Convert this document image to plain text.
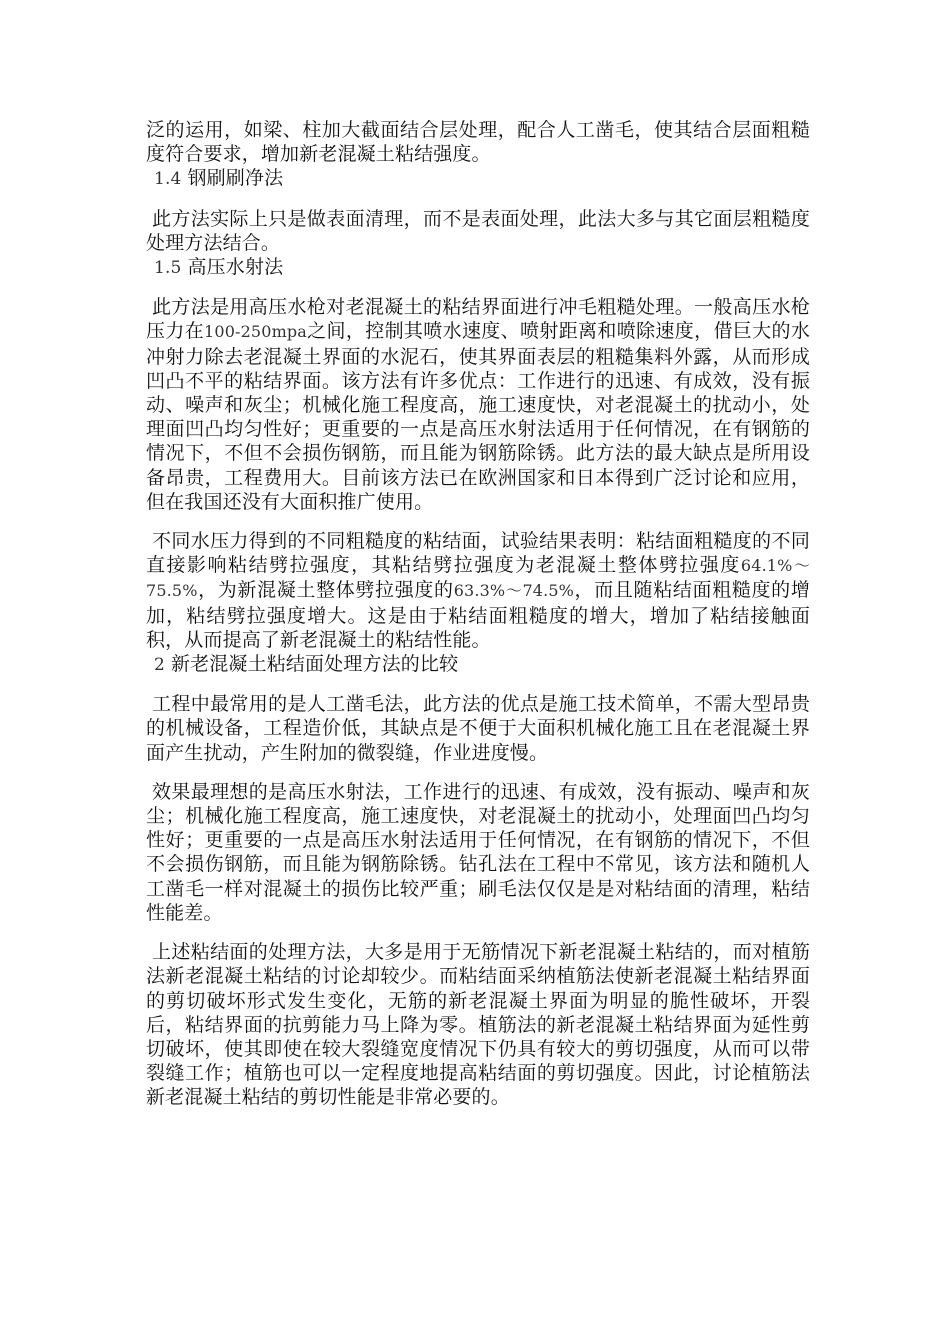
泛的运用，如梁、柱加大截面结合层处理，配合人工凿毛，使其结合层面粗糙度符合要求，增加新老混凝土粘结强度。

1.4 钢刷刷净法

此方法实际上只是做表面清理，而不是表面处理，此法大多与其它面层粗糙度处理方法结合。

1.5 高压水射法

此方法是用高压水枪对老混凝土的粘结界面进行冲毛粗糙处理。一般高压水枪压力在100-250mpa之间，控制其喷水速度、喷射距离和喷除速度，借巨大的水冲射力除去老混凝土界面的水泥石，使其界面表层的粗糙集料外露，从而形成凹凸不平的粘结界面。该方法有许多优点：工作进行的迅速、有成效，没有振动、噪声和灰尘；机械化施工程度高，施工速度快，对老混凝土的扰动小，处理面凹凸均匀性好；更重要的一点是高压水射法适用于任何情况，在有钢筋的情况下，不但不会损伤钢筋，而且能为钢筋除锈。此方法的最大缺点是所用设备昂贵，工程费用大。目前该方法已在欧洲国家和日本得到广泛讨论和应用，但在我国还没有大面积推广使用。

不同水压力得到的不同粗糙度的粘结面，试验结果表明：粘结面粗糙度的不同直接影响粘结劈拉强度，其粘结劈拉强度为老混凝土整体劈拉强度64.1%～75.5%，为新混凝土整体劈拉强度的63.3%～74.5%，而且随粘结面粗糙度的增加，粘结劈拉强度增大。这是由于粘结面粗糙度的增大，增加了粘结接触面积，从而提高了新老混凝土的粘结性能。

2 新老混凝土粘结面处理方法的比较

工程中最常用的是人工凿毛法，此方法的优点是施工技术简单，不需大型昂贵的机械设备，工程造价低，其缺点是不便于大面积机械化施工且在老混凝土界面产生扰动，产生附加的微裂缝，作业进度慢。

效果最理想的是高压水射法，工作进行的迅速、有成效，没有振动、噪声和灰尘；机械化施工程度高，施工速度快，对老混凝土的扰动小，处理面凹凸均匀性好；更重要的一点是高压水射法适用于任何情况，在有钢筋的情况下，不但不会损伤钢筋，而且能为钢筋除锈。钻孔法在工程中不常见，该方法和随机人工凿毛一样对混凝土的损伤比较严重；刷毛法仅仅是是对粘结面的清理，粘结性能差。

上述粘结面的处理方法，大多是用于无筋情况下新老混凝土粘结的，而对植筋法新老混凝土粘结的讨论却较少。而粘结面采纳植筋法使新老混凝土粘结界面的剪切破坏形式发生变化，无筋的新老混凝土界面为明显的脆性破坏，开裂后，粘结界面的抗剪能力马上降为零。植筋法的新老混凝土粘结界面为延性剪切破坏，使其即使在较大裂缝宽度情况下仍具有较大的剪切强度，从而可以带裂缝工作；植筋也可以一定程度地提高粘结面的剪切强度。因此，讨论植筋法新老混凝土粘结的剪切性能是非常必要的。
